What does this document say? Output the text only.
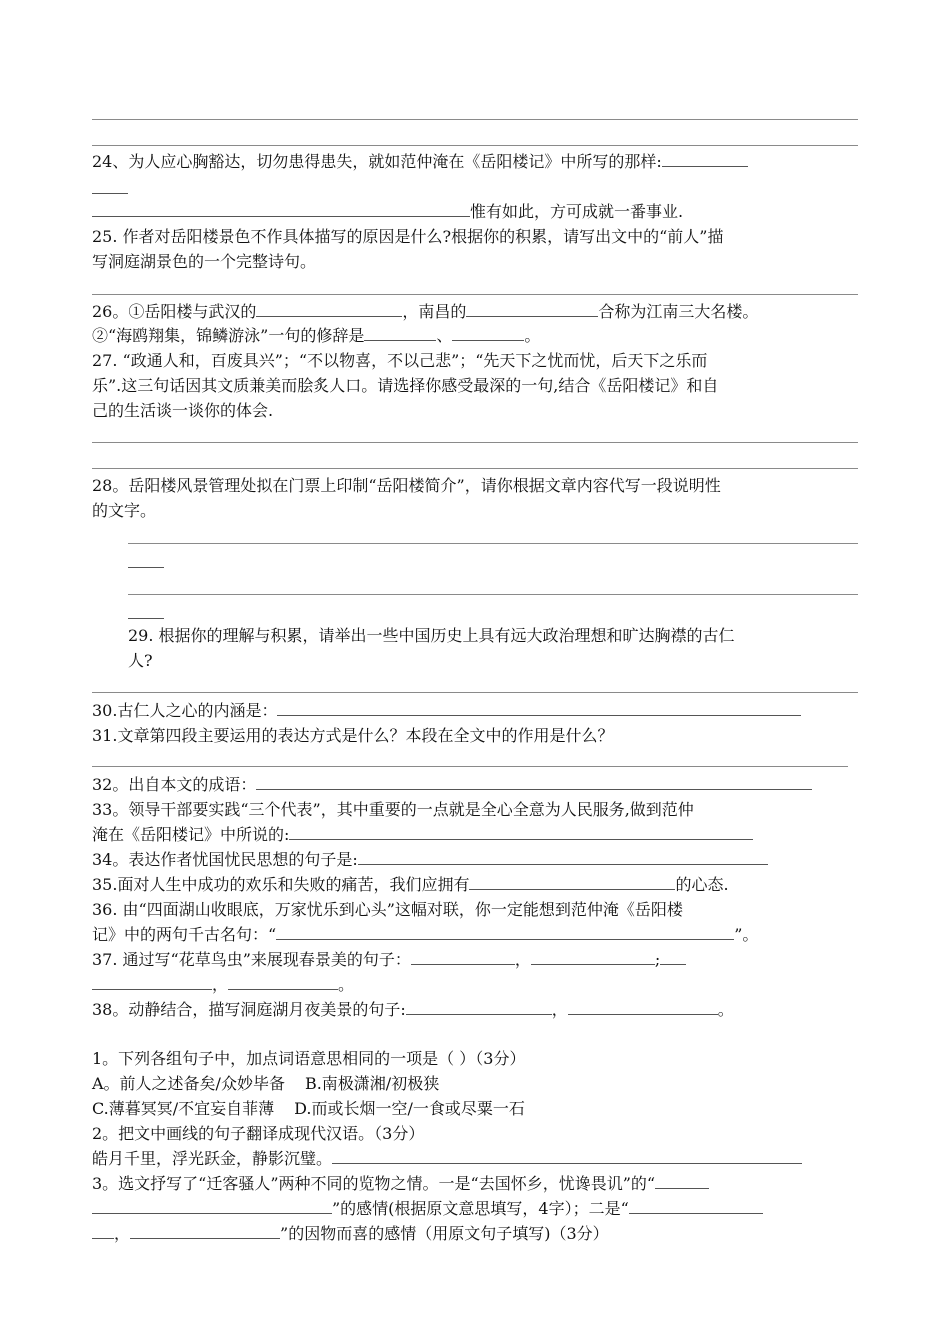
24、为人应心胸豁达，切勿患得患失，就如范仲淹在《岳阳楼记》中所写的那样:
惟有如此，方可成就一番事业.
25. 作者对岳阳楼景色不作具体描写的原因是什么?根据你的积累，请写出文中的“前人”描
写洞庭湖景色的一个完整诗句。
26。①岳阳楼与武汉的	，南昌的	合称为江南三大名楼。
②“海鸥翔集，锦鳞游泳”一句的修辞是	、	。
27. “政通人和，百废具兴”；“不以物喜，不以己悲”；“先天下之忧而忧，后天下之乐而
乐”.这三句话因其文质兼美而脍炙人口。请选择你感受最深的一句,结合《岳阳楼记》和自
己的生活谈一谈你的体会.
28。岳阳楼风景管理处拟在门票上印制“岳阳楼简介”，请你根据文章内容代写一段说明性
的文字。
29. 根据你的理解与积累，请举出一些中国历史上具有远大政治理想和旷达胸襟的古仁
人?
30.古仁人之心的内涵是：
31.文章第四段主要运用的表达方式是什么？本段在全文中的作用是什么？
32。出自本文的成语：
33。领导干部要实践“三个代表”，其中重要的一点就是全心全意为人民服务,做到范仲
淹在《岳阳楼记》中所说的:
34。表达作者忧国忧民思想的句子是:
35.面对人生中成功的欢乐和失败的痛苦，我们应拥有	的心态.
36. 由“四面湖山收眼底，万家忧乐到心头”这幅对联，你一定能想到范仲淹《岳阳楼
记》中的两句千古名句：“	”。
37. 通过写“花草鸟虫”来展现春景美的句子：	，	;
，	。
38。动静结合，描写洞庭湖月夜美景的句子:	，	。
1。下列各组句子中，加点词语意思相同的一项是（ ）（3分）
A。前人之述备矣/众妙毕备 B.南极潇湘/初极狭
C.薄暮冥冥/不宜妄自菲薄 D.而或长烟一空/一食或尽粟一石
2。把文中画线的句子翻译成现代汉语。（3分）
皓月千里，浮光跃金，静影沉璧。
3。选文抒写了“迁客骚人”两种不同的览物之情。一是“去国怀乡，忧谗畏讥”的“
”的感情(根据原文意思填写，4字）；二是“
，	”的因物而喜的感情（用原文句子填写)（3分）
